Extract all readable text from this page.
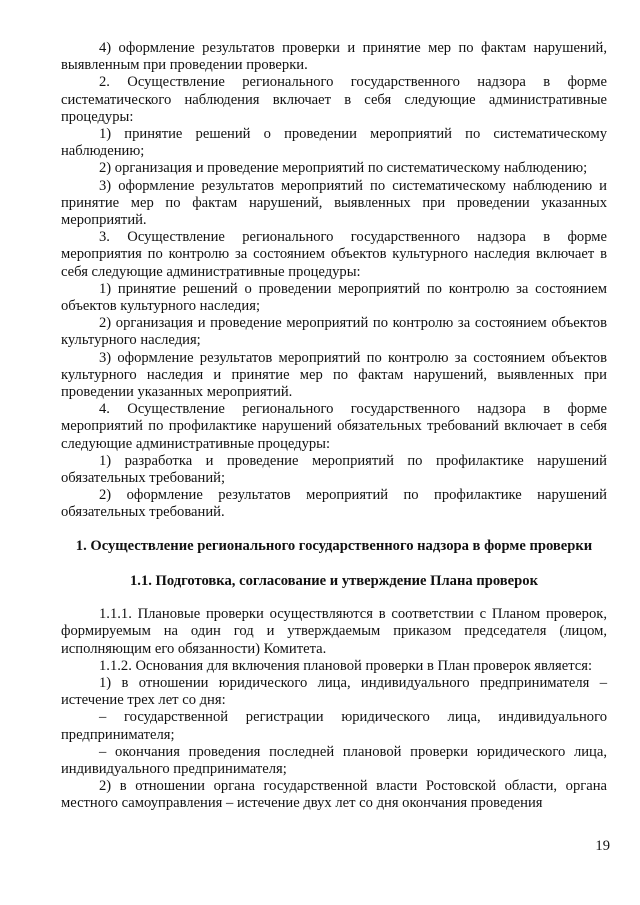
4) оформление результатов проверки и принятие мер по фактам нарушений, выявленным при проведении проверки.

2. Осуществление регионального государственного надзора в форме систематического наблюдения включает в себя следующие административные процедуры:

1) принятие решений о проведении мероприятий по систематическому наблюдению;

2) организация и проведение мероприятий по систематическому наблюдению;

3) оформление результатов мероприятий по систематическому наблюдению и принятие мер по фактам нарушений, выявленных при проведении указанных мероприятий.

3. Осуществление регионального государственного надзора в форме мероприятия по контролю за состоянием объектов культурного наследия включает в себя следующие административные процедуры:

1) принятие решений о проведении мероприятий по контролю за состоянием объектов культурного наследия;

2) организация и проведение мероприятий по контролю за состоянием объектов культурного наследия;

3) оформление результатов мероприятий по контролю за состоянием объектов культурного наследия и принятие мер по фактам нарушений, выявленных при проведении указанных мероприятий.

4. Осуществление регионального государственного надзора в форме мероприятий по профилактике нарушений обязательных требований включает в себя следующие административные процедуры:

1) разработка и проведение мероприятий по профилактике нарушений обязательных требований;

2) оформление результатов мероприятий по профилактике нарушений обязательных требований.

1. Осуществление регионального государственного надзора в форме проверки

1.1. Подготовка, согласование и утверждение Плана проверок

1.1.1. Плановые проверки осуществляются в соответствии с Планом проверок, формируемым на один год и утверждаемым приказом председателя (лицом, исполняющим его обязанности) Комитета.

1.1.2. Основания для включения плановой проверки в План проверок является:

1) в отношении юридического лица, индивидуального предпринимателя – истечение трех лет со дня:

– государственной регистрации юридического лица, индивидуального предпринимателя;

– окончания проведения последней плановой проверки юридического лица, индивидуального предпринимателя;

2) в отношении органа государственной власти Ростовской области, органа местного самоуправления – истечение двух лет со дня окончания проведения

19
